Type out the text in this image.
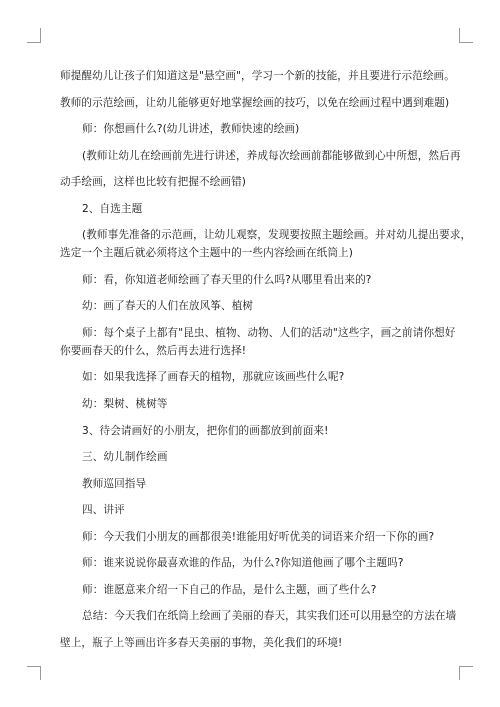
师提醒幼儿让孩子们知道这是"悬空画"，学习一个新的技能，并且要进行示范绘画。
教师的示范绘画，让幼儿能够更好地掌握绘画的技巧，以免在绘画过程中遇到难题)
师：你想画什么?(幼儿讲述，教师快速的绘画)
(教师让幼儿在绘画前先进行讲述，养成每次绘画前都能够做到心中所想，然后再
动手绘画，这样也比较有把握不绘画错)
2、自选主题
(教师事先准备的示范画，让幼儿观察，发现要按照主题绘画。并对幼儿提出要求，
选定一个主题后就必须将这个主题中的一些内容绘画在纸筒上)
师：看，你知道老师绘画了春天里的什么吗?从哪里看出来的?
幼：画了春天的人们在放风筝、植树
师：每个桌子上都有"昆虫、植物、动物、人们的活动"这些字，画之前请你想好
你要画春天的什么，然后再去进行选择!
如：如果我选择了画春天的植物，那就应该画些什么呢?
幼：梨树、桃树等
3、待会请画好的小朋友，把你们的画都放到前面来!
三、幼儿制作绘画
教师巡回指导
四、讲评
师：今天我们小朋友的画都很美!谁能用好听优美的词语来介绍一下你的画?
师：谁来说说你最喜欢谁的作品，为什么?你知道他画了哪个主题吗?
师：谁愿意来介绍一下自己的作品，是什么主题，画了些什么?
总结：今天我们在纸筒上绘画了美丽的春天，其实我们还可以用悬空的方法在墙
壁上，瓶子上等画出许多春天美丽的事物，美化我们的环境!
